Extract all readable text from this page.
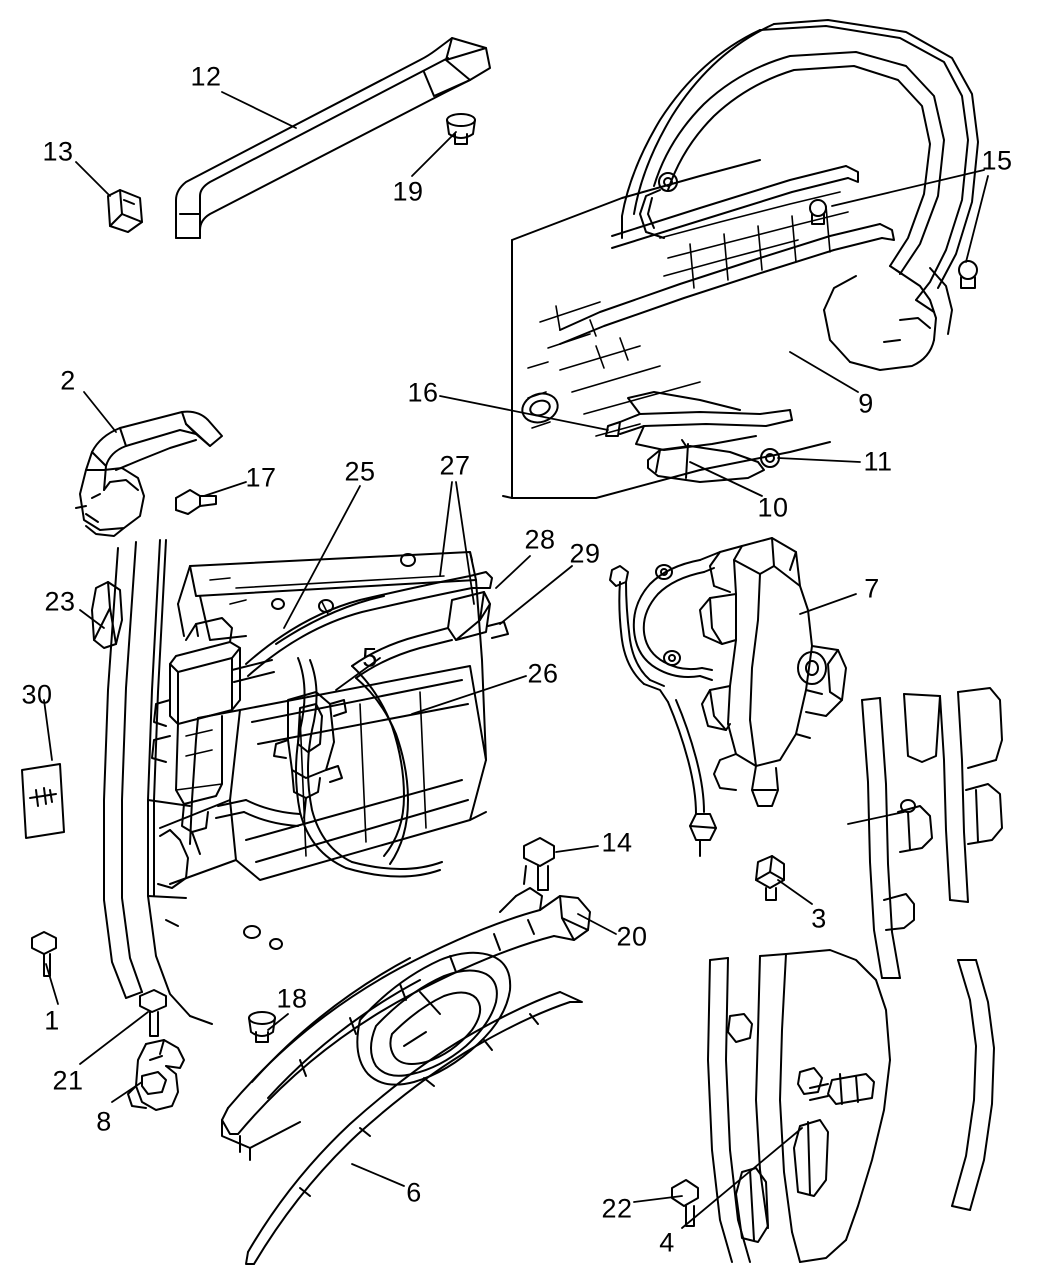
1
2
3
4
5
6
7
8
9
10
11
12
13
14
15
16
17
18
19
20
21
22
23
25
26
27
28 29
30
